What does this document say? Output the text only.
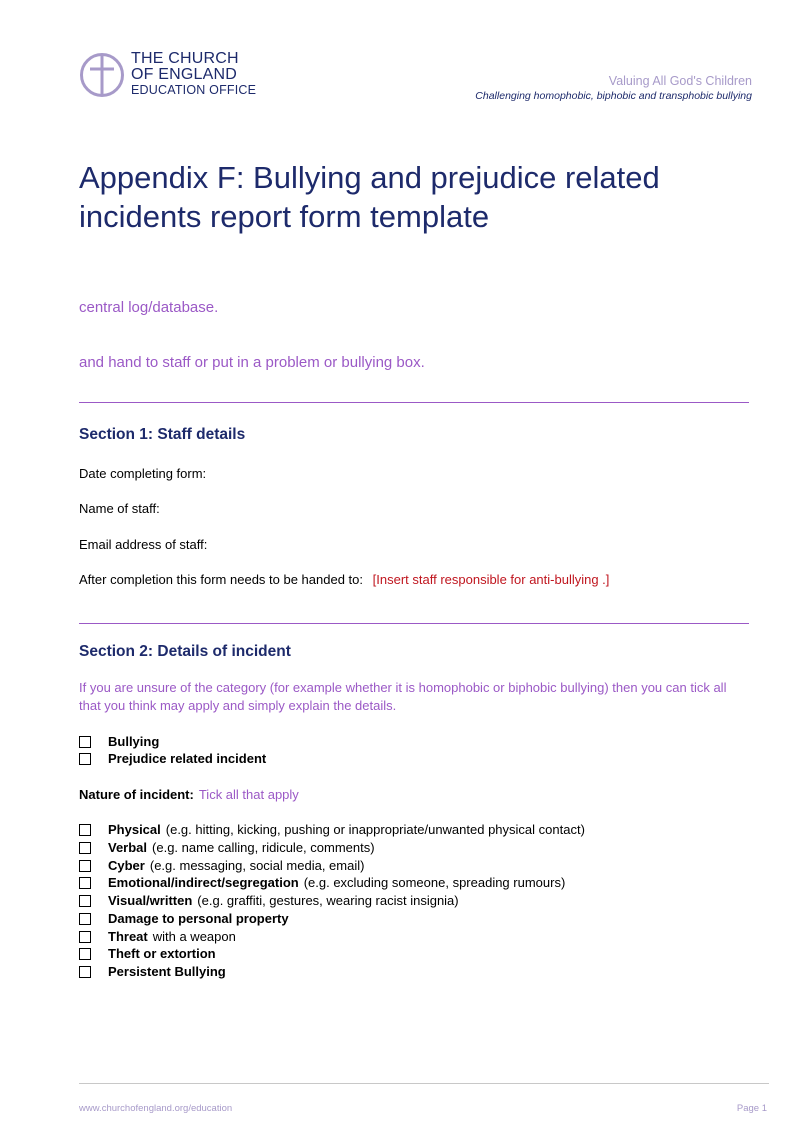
THE CHURCH
OF ENGLAND
EDUCATION OFFICE
Valuing All God's Children
Challenging homophobic, biphobic and transphobic bullying
Appendix F: Bullying and prejudice related
incidents report form template
central log/database.
and hand to staff or put in a problem or bullying box.
Section 1: Staff details
Date completing form:
Name of staff:
Email address of staff:
After completion this form needs to be handed to: [Insert staff responsible for anti-bullying .]
Section 2: Details of incident
If you are unsure of the category (for example whether it is homophobic or biphobic bullying) then you can tick all that you think may apply and simply explain the details.
Bullying
Prejudice related incident
Nature of incident: Tick all that apply
Physical (e.g. hitting, kicking, pushing or inappropriate/unwanted physical contact)
Verbal (e.g. name calling, ridicule, comments)
Cyber (e.g. messaging, social media, email)
Emotional/indirect/segregation (e.g. excluding someone, spreading rumours)
Visual/written (e.g. graffiti, gestures, wearing racist insignia)
Damage to personal property
Threat with a weapon
Theft or extortion
Persistent Bullying
www.churchofengland.org/education	Page 1
